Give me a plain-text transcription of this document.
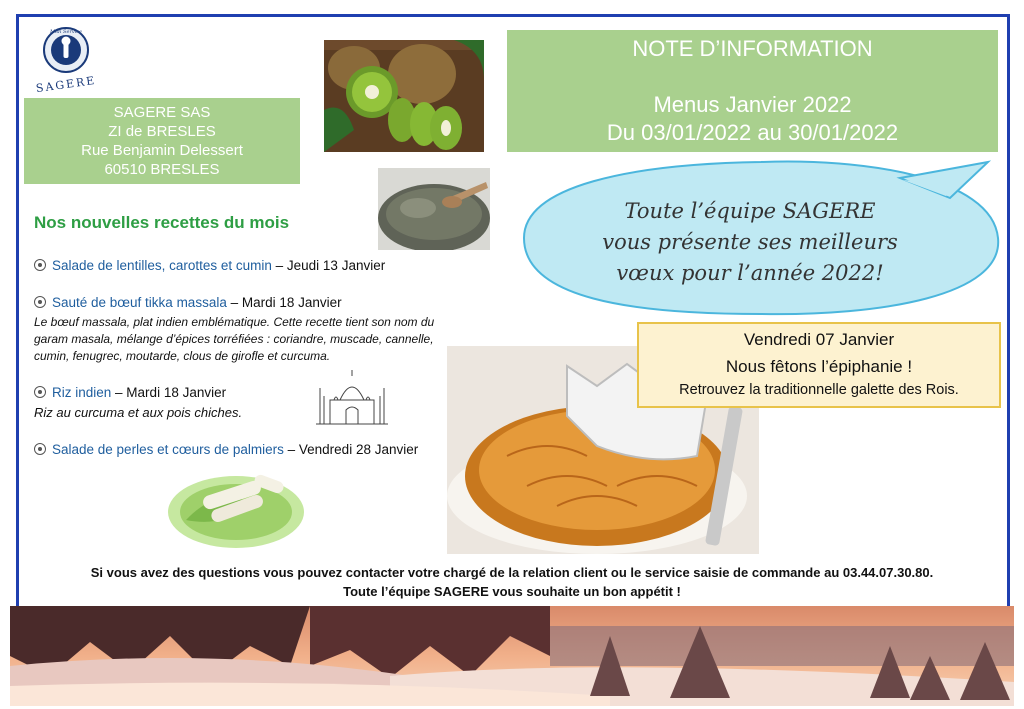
Midi Service
SAGERE
SAGERE SAS
ZI de BRESLES
Rue Benjamin Delessert
60510 BRESLES
NOTE D’INFORMATION
Menus Janvier 2022
Du 03/01/2022 au 30/01/2022
Toute l’équipe SAGERE
vous présente ses meilleurs
vœux pour l’année 2022!
Nos nouvelles recettes du mois
Salade de lentilles, carottes et cumin – Jeudi 13 Janvier
Sauté de bœuf tikka massala – Mardi 18 Janvier
Le bœuf massala, plat indien emblématique. Cette recette tient son nom du
garam masala, mélange d’épices torréfiées : coriandre, muscade, cannelle,
cumin, fenugrec, moutarde, clous de girofle et curcuma.
Riz indien – Mardi 18 Janvier
Riz au curcuma et aux pois chiches.
Salade de perles et cœurs de palmiers – Vendredi 28 Janvier
Vendredi 07 Janvier
Nous fêtons l’épiphanie !
Retrouvez la traditionnelle galette des Rois.
Si vous avez des questions vous pouvez contacter votre chargé de la relation client ou le service saisie de commande au 03.44.07.30.80.
Toute l’équipe SAGERE vous souhaite un bon appétit !
